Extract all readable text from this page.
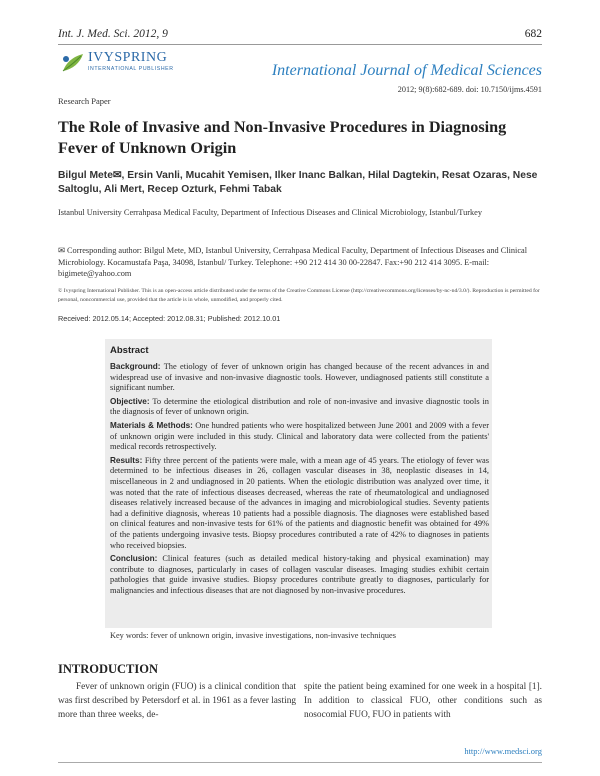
Int. J. Med. Sci. 2012, 9	682
IVYSPRING
INTERNATIONAL PUBLISHER	International Journal of Medical Sciences
2012; 9(8):682-689. doi: 10.7150/ijms.4591
Research Paper
The Role of Invasive and Non-Invasive Procedures in Diagnosing Fever of Unknown Origin
Bilgul Mete✉, Ersin Vanli, Mucahit Yemisen, Ilker Inanc Balkan, Hilal Dagtekin, Resat Ozaras, Nese Saltoglu, Ali Mert, Recep Ozturk, Fehmi Tabak
Istanbul University Cerrahpasa Medical Faculty, Department of Infectious Diseases and Clinical Microbiology, Istanbul/Turkey
✉ Corresponding author: Bilgul Mete, MD, Istanbul University, Cerrahpasa Medical Faculty, Department of Infectious Diseases and Clinical Microbiology. Kocamustafa Paşa, 34098, Istanbul/ Turkey. Telephone: +90 212 414 30 00-22847. Fax:+90 212 414 3095. E-mail: bigimete@yahoo.com
© Ivyspring International Publisher. This is an open-access article distributed under the terms of the Creative Commons License (http://creativecommons.org/licenses/by-nc-nd/3.0/). Reproduction is permitted for personal, noncommercial use, provided that the article is in whole, unmodified, and properly cited.
Received: 2012.05.14; Accepted: 2012.08.31; Published: 2012.10.01
Abstract

Background: The etiology of fever of unknown origin has changed because of the recent advances in and widespread use of invasive and non-invasive diagnostic tools. However, undiagnosed patients still constitute a significant number.

Objective: To determine the etiological distribution and role of non-invasive and invasive diagnostic tools in the diagnosis of fever of unknown origin.

Materials & Methods: One hundred patients who were hospitalized between June 2001 and 2009 with a fever of unknown origin were included in this study. Clinical and laboratory data were collected from the patients' medical records retrospectively.

Results: Fifty three percent of the patients were male, with a mean age of 45 years. The etiology of fever was determined to be infectious diseases in 26, collagen vascular diseases in 38, neoplastic diseases in 14, miscellaneous in 2 and undiagnosed in 20 patients. When the etiologic distribution was analyzed over time, it was noted that the rate of infectious diseases decreased, whereas the rate of rheumatological and undiagnosed diseases relatively increased because of the advances in imaging and microbiological studies. Seventy patients had a definitive diagnosis, whereas 10 patients had a possible diagnosis. The diagnoses were established based on clinical features and non-invasive tests for 61% of the patients and diagnostic benefit was obtained for 49% of the patients undergoing invasive tests. Biopsy procedures contributed a rate of 42% to diagnoses in patients who received biopsies.

Conclusion: Clinical features (such as detailed medical history-taking and physical examination) may contribute to diagnoses, particularly in cases of collagen vascular diseases. Imaging studies exhibit certain pathologies that guide invasive studies. Biopsy procedures contribute greatly to diagnoses, particularly for malignancies and infectious diseases that are not diagnosed by non-invasive procedures.

Key words: fever of unknown origin, invasive investigations, non-invasive techniques
INTRODUCTION

Fever of unknown origin (FUO) is a clinical condition that was first described by Petersdorf et al. in 1961 as a fever lasting more than three weeks, de-

spite the patient being examined for one week in a hospital [1]. In addition to classical FUO, other conditions such as nosocomial FUO, FUO in patients with

http://www.medsci.org
